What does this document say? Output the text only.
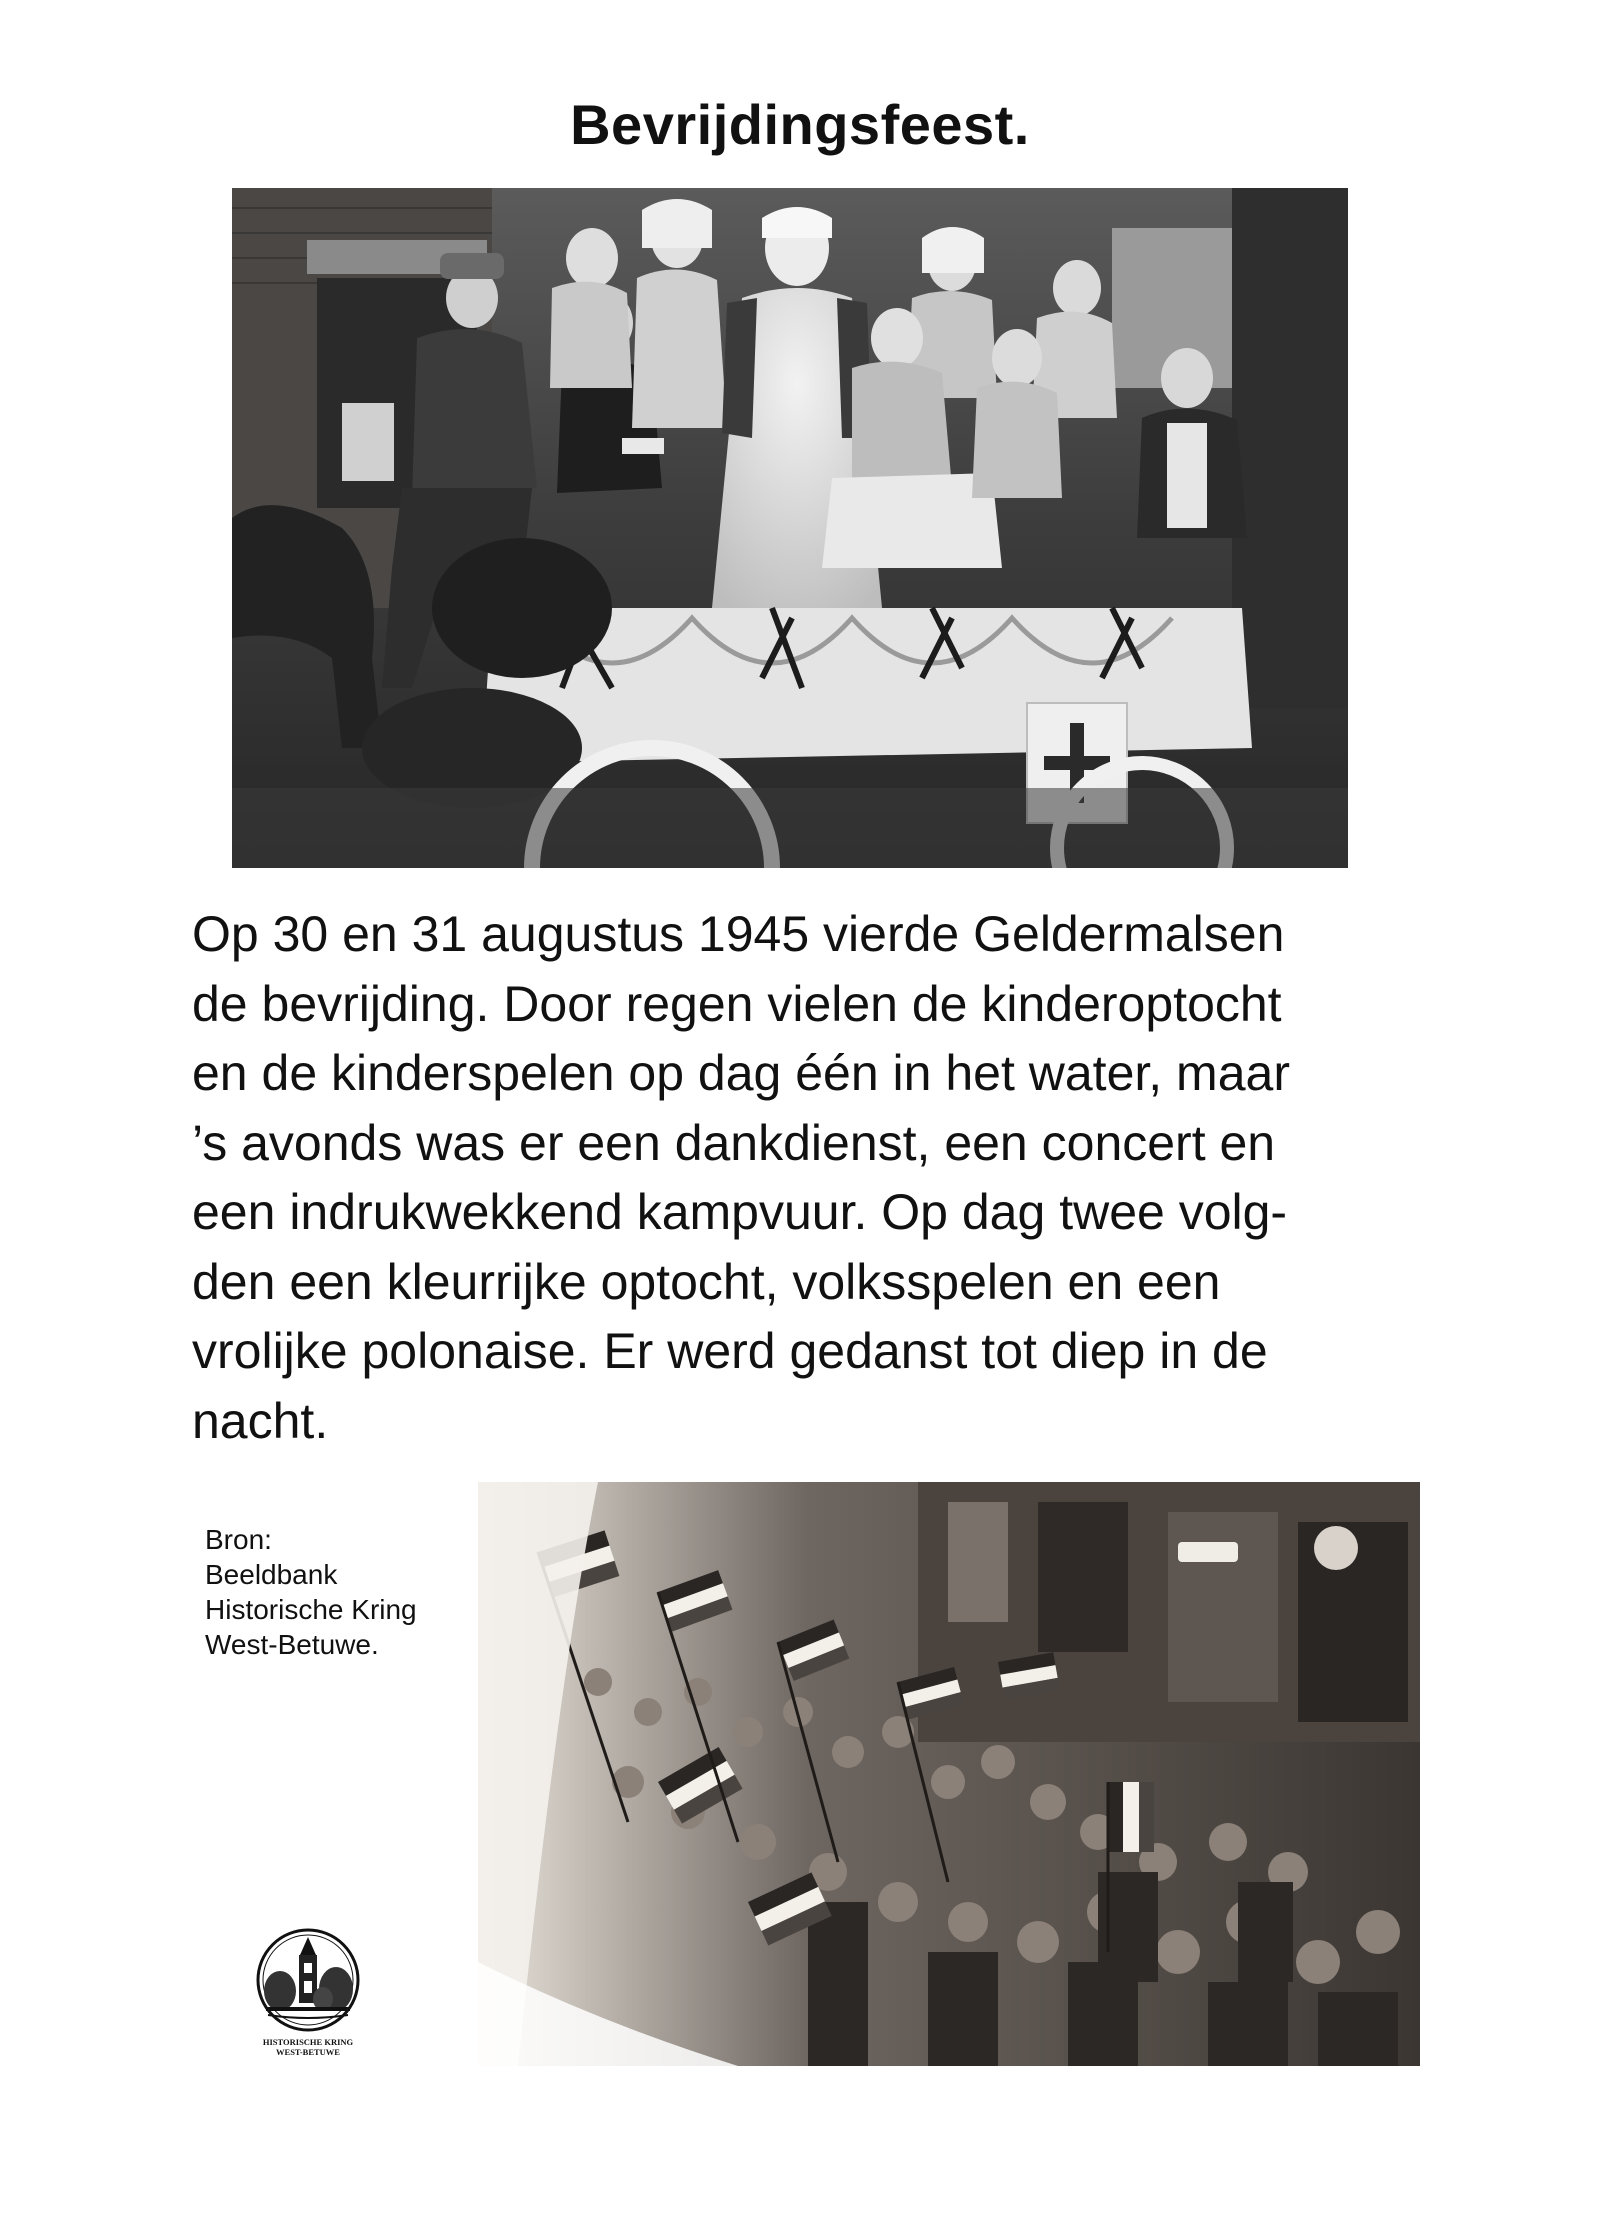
Bevrijdingsfeest.
Op 30 en 31 augustus 1945 vierde Geldermalsen
de bevrijding. Door regen vielen de kinderoptocht
en de kinderspelen op dag één in het water, maar
’s avonds was er een dankdienst, een concert en
een indrukwekkend kampvuur. Op dag twee volg-
den een kleurrijke optocht, volksspelen en een
vrolijke polonaise. Er werd gedanst tot diep in de
nacht.
Bron:
Beeldbank
Historische Kring
West-Betuwe.
HISTORISCHE KRING
WEST-BETUWE
